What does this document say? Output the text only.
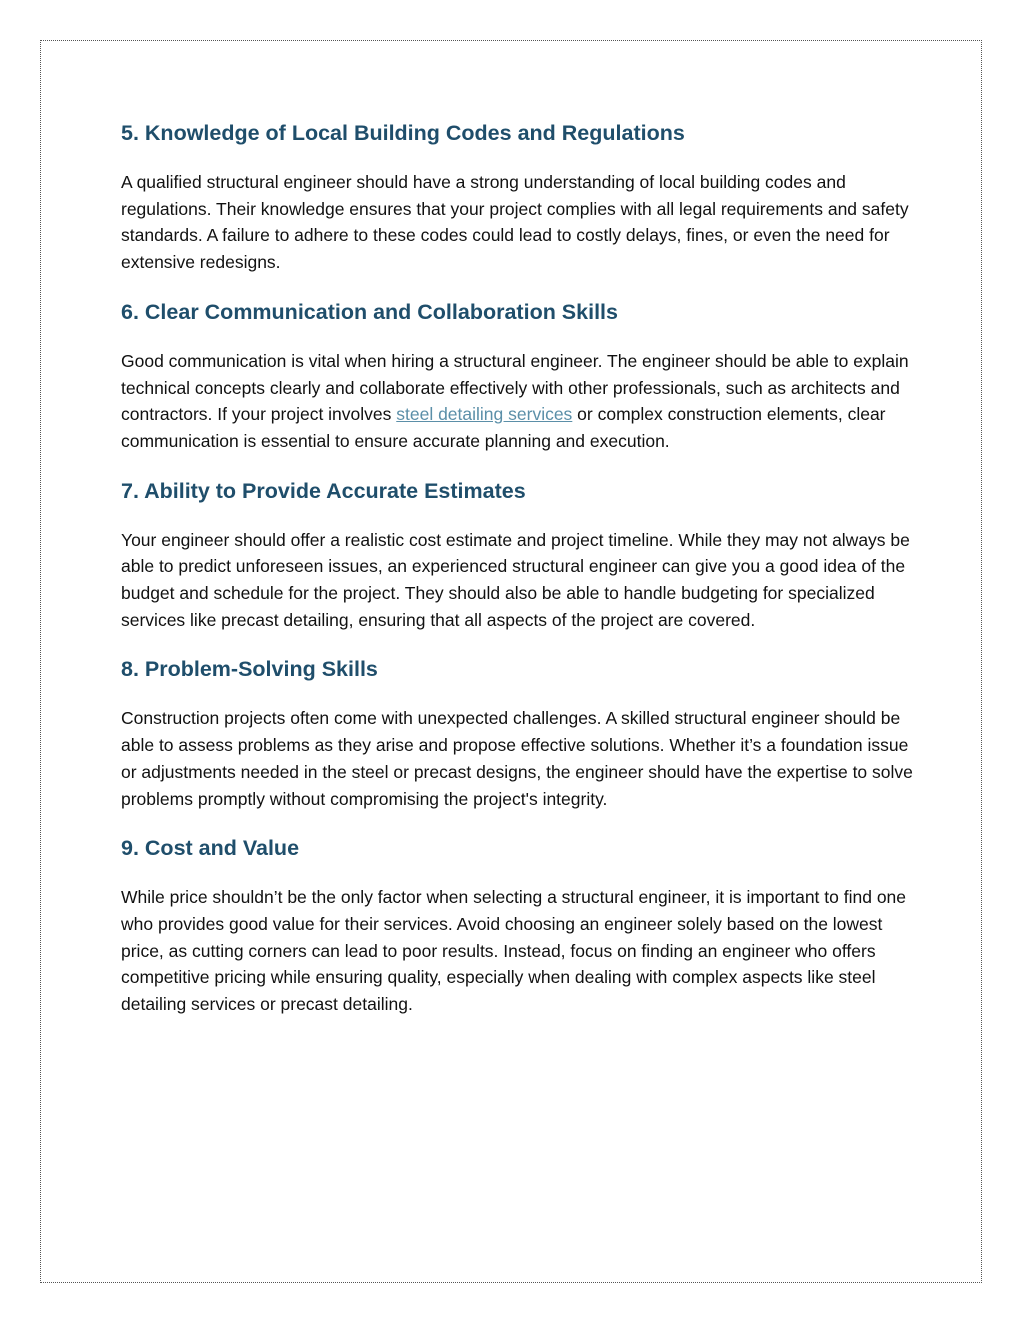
5. Knowledge of Local Building Codes and Regulations

A qualified structural engineer should have a strong understanding of local building codes and regulations. Their knowledge ensures that your project complies with all legal requirements and safety standards. A failure to adhere to these codes could lead to costly delays, fines, or even the need for extensive redesigns.

6. Clear Communication and Collaboration Skills

Good communication is vital when hiring a structural engineer. The engineer should be able to explain technical concepts clearly and collaborate effectively with other professionals, such as architects and contractors. If your project involves steel detailing services or complex construction elements, clear communication is essential to ensure accurate planning and execution.

7. Ability to Provide Accurate Estimates

Your engineer should offer a realistic cost estimate and project timeline. While they may not always be able to predict unforeseen issues, an experienced structural engineer can give you a good idea of the budget and schedule for the project. They should also be able to handle budgeting for specialized services like precast detailing, ensuring that all aspects of the project are covered.

8. Problem-Solving Skills

Construction projects often come with unexpected challenges. A skilled structural engineer should be able to assess problems as they arise and propose effective solutions. Whether it’s a foundation issue or adjustments needed in the steel or precast designs, the engineer should have the expertise to solve problems promptly without compromising the project's integrity.

9. Cost and Value

While price shouldn’t be the only factor when selecting a structural engineer, it is important to find one who provides good value for their services. Avoid choosing an engineer solely based on the lowest price, as cutting corners can lead to poor results. Instead, focus on finding an engineer who offers competitive pricing while ensuring quality, especially when dealing with complex aspects like steel detailing services or precast detailing.
